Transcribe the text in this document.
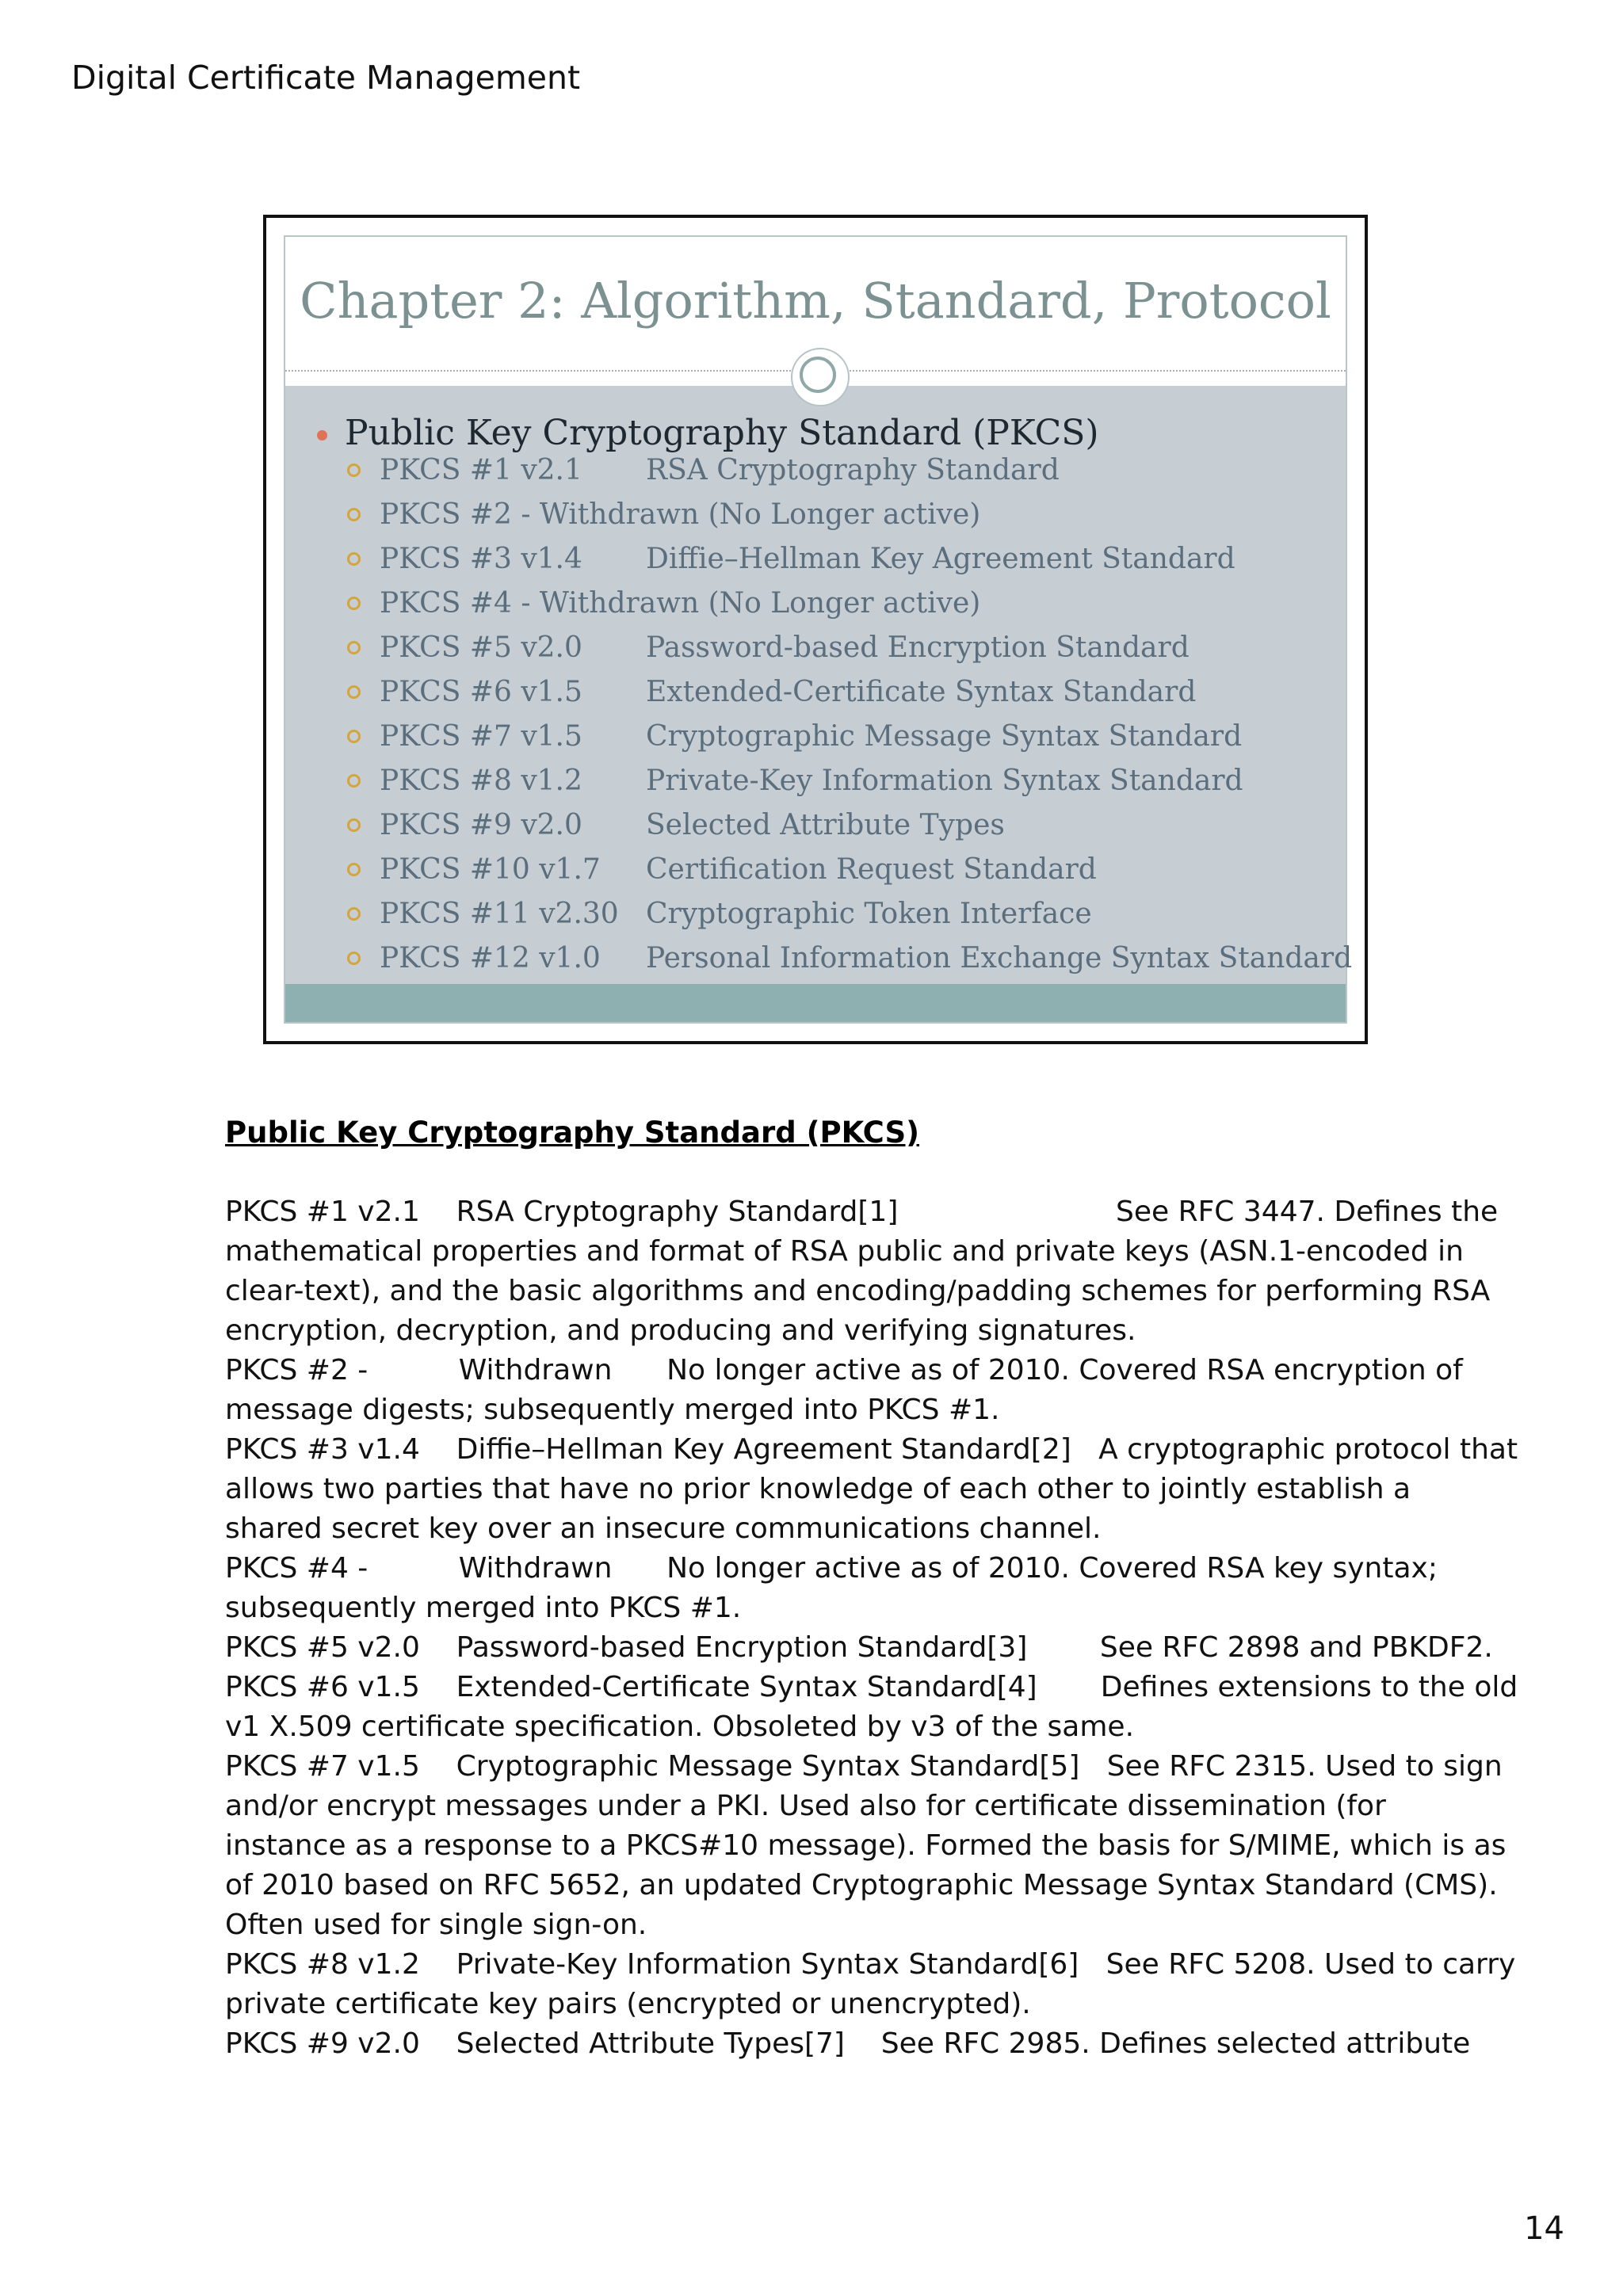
Digital Certificate Management
Chapter 2: Algorithm, Standard, Protocol
Public Key Cryptography Standard (PKCS)
PKCS #1 v2.1 RSA Cryptography Standard
PKCS #2 - Withdrawn (No Longer active)
PKCS #3 v1.4 Diffie–Hellman Key Agreement Standard
PKCS #4 - Withdrawn (No Longer active)
PKCS #5 v2.0 Password-based Encryption Standard
PKCS #6 v1.5 Extended-Certificate Syntax Standard
PKCS #7 v1.5 Cryptographic Message Syntax Standard
PKCS #8 v1.2 Private-Key Information Syntax Standard
PKCS #9 v2.0 Selected Attribute Types
PKCS #10 v1.7 Certification Request Standard
PKCS #11 v2.30 Cryptographic Token Interface
PKCS #12 v1.0 Personal Information Exchange Syntax Standard
Public Key Cryptography Standard (PKCS)
PKCS #1 v2.1    RSA Cryptography Standard[1]                        See RFC 3447. Defines the
mathematical properties and format of RSA public and private keys (ASN.1-encoded in
clear-text), and the basic algorithms and encoding/padding schemes for performing RSA
encryption, decryption, and producing and verifying signatures.
PKCS #2 -          Withdrawn      No longer active as of 2010. Covered RSA encryption of
message digests; subsequently merged into PKCS #1.
PKCS #3 v1.4    Diffie–Hellman Key Agreement Standard[2]   A cryptographic protocol that
allows two parties that have no prior knowledge of each other to jointly establish a
shared secret key over an insecure communications channel.
PKCS #4 -          Withdrawn      No longer active as of 2010. Covered RSA key syntax;
subsequently merged into PKCS #1.
PKCS #5 v2.0    Password-based Encryption Standard[3]        See RFC 2898 and PBKDF2.
PKCS #6 v1.5    Extended-Certificate Syntax Standard[4]       Defines extensions to the old
v1 X.509 certificate specification. Obsoleted by v3 of the same.
PKCS #7 v1.5    Cryptographic Message Syntax Standard[5]   See RFC 2315. Used to sign
and/or encrypt messages under a PKI. Used also for certificate dissemination (for
instance as a response to a PKCS#10 message). Formed the basis for S/MIME, which is as
of 2010 based on RFC 5652, an updated Cryptographic Message Syntax Standard (CMS).
Often used for single sign-on.
PKCS #8 v1.2    Private-Key Information Syntax Standard[6]   See RFC 5208. Used to carry
private certificate key pairs (encrypted or unencrypted).
PKCS #9 v2.0    Selected Attribute Types[7]    See RFC 2985. Defines selected attribute
14
